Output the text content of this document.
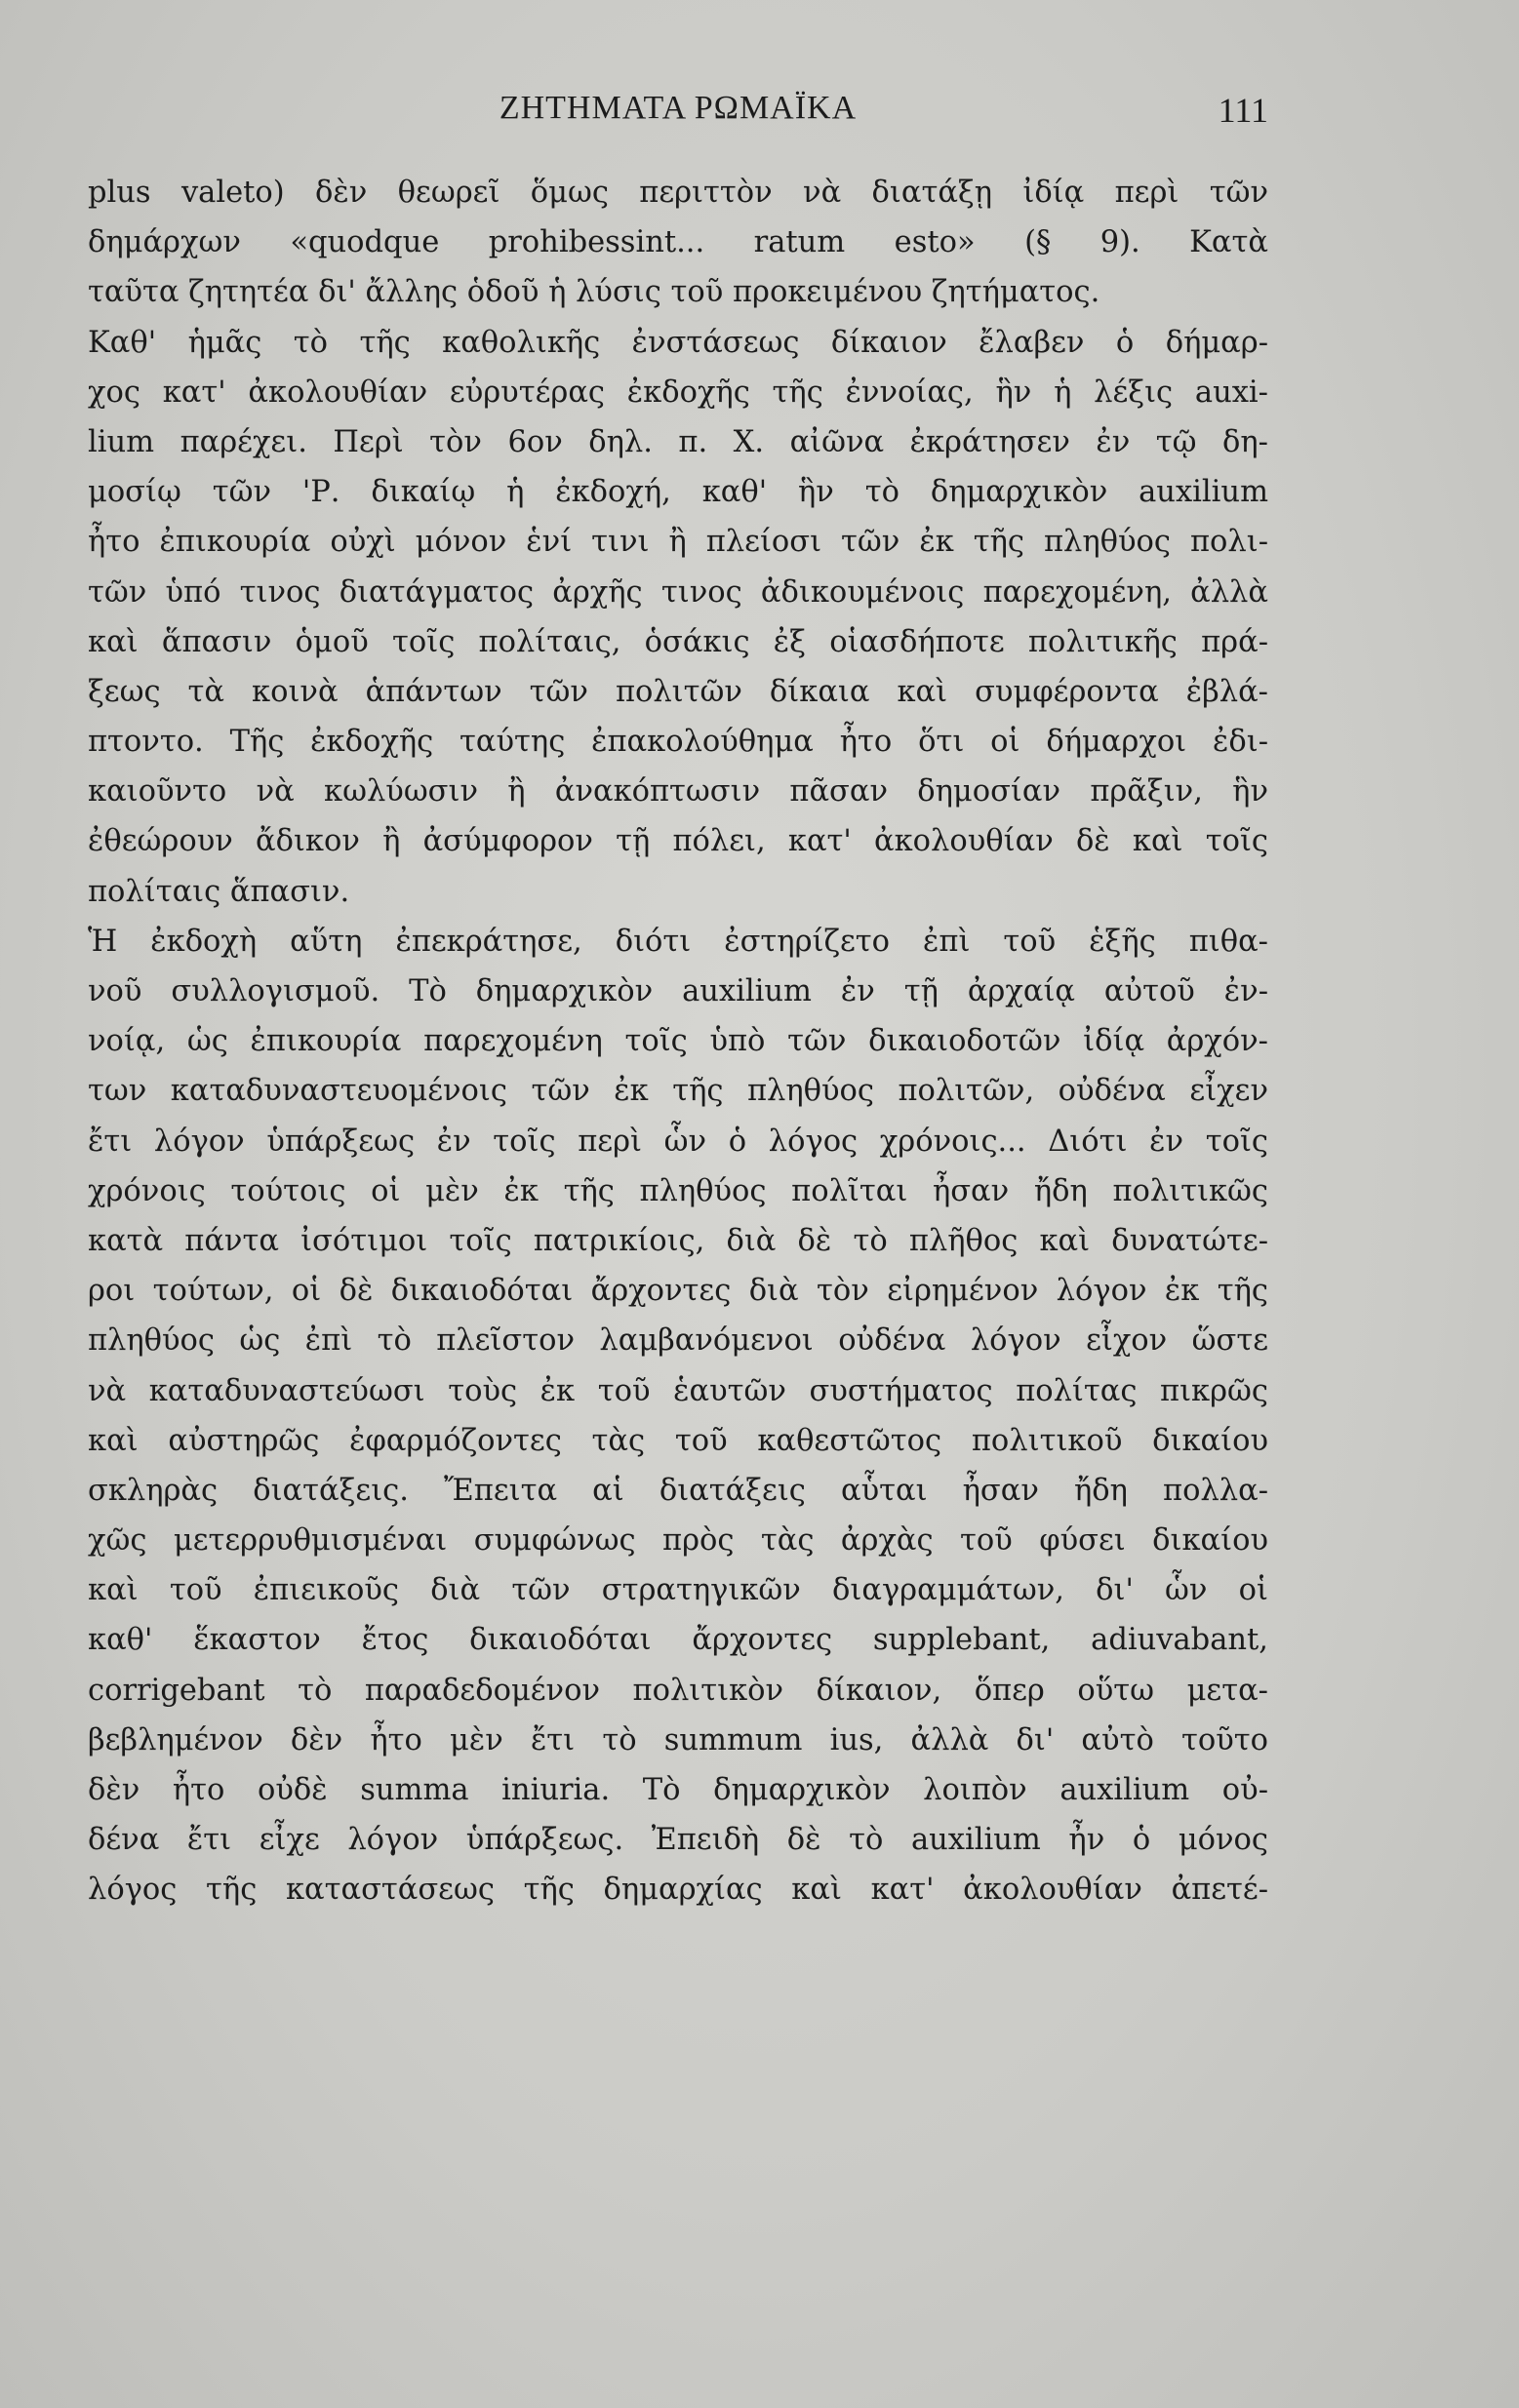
ΖΗΤΗΜΑΤΑ ΡΩΜΑΪΚΑ	111
plus valeto) δὲν θεωρεῖ ὅμως περιττὸν νὰ διατάξῃ ἰδίᾳ περὶ τῶν
δημάρχων «quodque prohibessint... ratum esto» (§ 9). Κατὰ
ταῦτα ζητητέα δι' ἄλλης ὁδοῦ ἡ λύσις τοῦ προκειμένου ζητήματος.
Καθ' ἡμᾶς τὸ τῆς καθολικῆς ἐνστάσεως δίκαιον ἔλαβεν ὁ δήμαρ-
χος κατ' ἀκολουθίαν εὐρυτέρας ἐκδοχῆς τῆς ἐννοίας, ἣν ἡ λέξις auxi-
lium παρέχει. Περὶ τὸν 6ον δηλ. π. Χ. αἰῶνα ἐκράτησεν ἐν τῷ δη-
μοσίῳ τῶν 'Ρ. δικαίῳ ἡ ἐκδοχή, καθ' ἣν τὸ δημαρχικὸν auxilium
ἦτο ἐπικουρία οὐχὶ μόνον ἑνί τινι ἢ πλείοσι τῶν ἐκ τῆς πληθύος πολι-
τῶν ὑπό τινος διατάγματος ἀρχῆς τινος ἀδικουμένοις παρεχομένη, ἀλλὰ
καὶ ἅπασιν ὁμοῦ τοῖς πολίταις, ὁσάκις ἐξ οἱασδήποτε πολιτικῆς πρά-
ξεως τὰ κοινὰ ἁπάντων τῶν πολιτῶν δίκαια καὶ συμφέροντα ἐβλά-
πτοντο. Τῆς ἐκδοχῆς ταύτης ἐπακολούθημα ἦτο ὅτι οἱ δήμαρχοι ἐδι-
καιοῦντο νὰ κωλύωσιν ἢ ἀνακόπτωσιν πᾶσαν δημοσίαν πρᾶξιν, ἣν
ἐθεώρουν ἄδικον ἢ ἀσύμφορον τῇ πόλει, κατ' ἀκολουθίαν δὲ καὶ τοῖς
πολίταις ἅπασιν.
Ἡ ἐκδοχὴ αὕτη ἐπεκράτησε, διότι ἐστηρίζετο ἐπὶ τοῦ ἑξῆς πιθα-
νοῦ συλλογισμοῦ. Τὸ δημαρχικὸν auxilium ἐν τῇ ἀρχαίᾳ αὐτοῦ ἐν-
νοίᾳ, ὡς ἐπικουρία παρεχομένη τοῖς ὑπὸ τῶν δικαιοδοτῶν ἰδίᾳ ἀρχόν-
των καταδυναστευομένοις τῶν ἐκ τῆς πληθύος πολιτῶν, οὐδένα εἶχεν
ἔτι λόγον ὑπάρξεως ἐν τοῖς περὶ ὧν ὁ λόγος χρόνοις... Διότι ἐν τοῖς
χρόνοις τούτοις οἱ μὲν ἐκ τῆς πληθύος πολῖται ἦσαν ἤδη πολιτικῶς
κατὰ πάντα ἰσότιμοι τοῖς πατρικίοις, διὰ δὲ τὸ πλῆθος καὶ δυνατώτε-
ροι τούτων, οἱ δὲ δικαιοδόται ἄρχοντες διὰ τὸν εἰρημένον λόγον ἐκ τῆς
πληθύος ὡς ἐπὶ τὸ πλεῖστον λαμβανόμενοι οὐδένα λόγον εἶχον ὥστε
νὰ καταδυναστεύωσι τοὺς ἐκ τοῦ ἑαυτῶν συστήματος πολίτας πικρῶς
καὶ αὐστηρῶς ἐφαρμόζοντες τὰς τοῦ καθεστῶτος πολιτικοῦ δικαίου
σκληρὰς διατάξεις. Ἔπειτα αἱ διατάξεις αὗται ἦσαν ἤδη πολλα-
χῶς μετερρυθμισμέναι συμφώνως πρὸς τὰς ἀρχὰς τοῦ φύσει δικαίου
καὶ τοῦ ἐπιεικοῦς διὰ τῶν στρατηγικῶν διαγραμμάτων, δι' ὧν οἱ
καθ' ἕκαστον ἔτος δικαιοδόται ἄρχοντες supplebant, adiuvabant,
corrigebant τὸ παραδεδομένον πολιτικὸν δίκαιον, ὅπερ οὕτω μετα-
βεβλημένον δὲν ἦτο μὲν ἔτι τὸ summum ius, ἀλλὰ δι' αὐτὸ τοῦτο
δὲν ἦτο οὐδὲ summa iniuria. Τὸ δημαρχικὸν λοιπὸν auxilium οὐ-
δένα ἔτι εἶχε λόγον ὑπάρξεως. Ἐπειδὴ δὲ τὸ auxilium ἦν ὁ μόνος
λόγος τῆς καταστάσεως τῆς δημαρχίας καὶ κατ' ἀκολουθίαν ἀπετέ-
